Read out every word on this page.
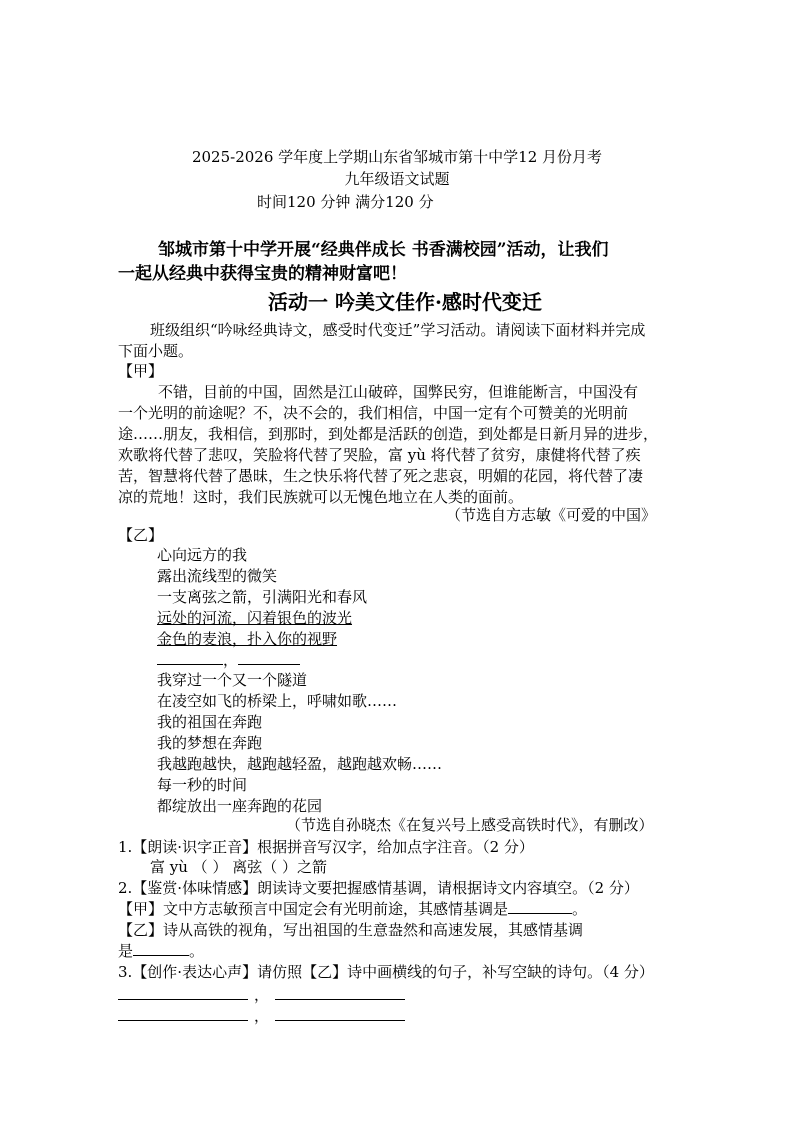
2025-2026 学年度上学期山东省邹城市第十中学12 月份月考
九年级语文试题
时间120 分钟 满分120 分
邹城市第十中学开展“经典伴成长 书香满校园”活动，让我们
一起从经典中获得宝贵的精神财富吧！
活动一 吟美文佳作·感时代变迁
班级组织“吟咏经典诗文，感受时代变迁”学习活动。请阅读下面材料并完成
下面小题。
【甲】
不错，目前的中国，固然是江山破碎，国弊民穷，但谁能断言，中国没有
一个光明的前途呢？不，决不会的，我们相信，中国一定有个可赞美的光明前
途……朋友，我相信，到那时，到处都是活跃的创造，到处都是日新月异的进步，
欢歌将代替了悲叹，笑脸将代替了哭脸，富 yù 将代替了贫穷，康健将代替了疾
苦，智慧将代替了愚昧，生之快乐将代替了死之悲哀，明媚的花园，将代替了凄
凉的荒地！这时，我们民族就可以无愧色地立在人类的面前。
（节选自方志敏《可爱的中国》
【乙】
心向远方的我
露出流线型的微笑
一支离弦之箭，引满阳光和春风
远处的河流，闪着银色的波光
金色的麦浪，扑入你的视野
，
我穿过一个又一个隧道
在凌空如飞的桥梁上，呼啸如歌……
我的祖国在奔跑
我的梦想在奔跑
我越跑越快，越跑越轻盈，越跑越欢畅……
每一秒的时间
都绽放出一座奔跑的花园
（节选自孙晓杰《在复兴号上感受高铁时代》，有删改）
1.【朗读·识字正音】根据拼音写汉字，给加点字注音。（2 分）
富 yù （ ） 离弦（ ）之箭
2.【鉴赏·体味情感】朗读诗文要把握感情基调，请根据诗文内容填空。（2 分）
【甲】文中方志敏预言中国定会有光明前途，其感情基调是	。
【乙】诗从高铁的视角，写出祖国的生意盎然和高速发展，其感情基调
是	。
3.【创作·表达心声】请仿照【乙】诗中画横线的句子，补写空缺的诗句。（4 分）
，
，
